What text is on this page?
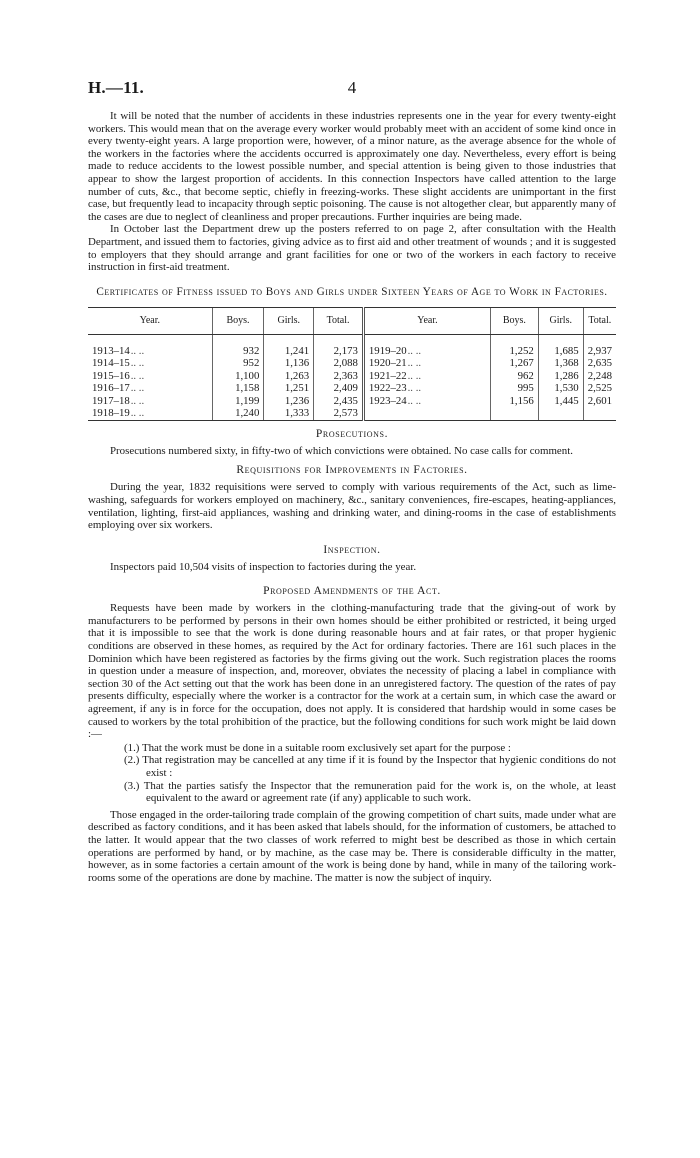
H.—11.	4

It will be noted that the number of accidents in these industries represents one in the year for every twenty-eight workers. This would mean that on the average every worker would probably meet with an accident of some kind once in every twenty-eight years. A large proportion were, however, of a minor nature, as the average absence for the whole of the workers in the factories where the accidents occurred is approximately one day. Nevertheless, every effort is being made to reduce accidents to the lowest possible number, and special attention is being given to those industries that appear to show the largest proportion of accidents. In this connection Inspectors have called attention to the large number of cuts, &c., that become septic, chiefly in freezing-works. These slight accidents are unimportant in the first case, but frequently lead to incapacity through septic poisoning. The cause is not altogether clear, but apparently many of the cases are due to neglect of cleanliness and proper precautions. Further inquiries are being made.

In October last the Department drew up the posters referred to on page 2, after consultation with the Health Department, and issued them to factories, giving advice as to first aid and other treatment of wounds ; and it is suggested to employers that they should arrange and grant facilities for one or two of the workers in each factory to receive instruction in first-aid treatment.

Certificates of Fitness issued to Boys and Girls under Sixteen Years of Age to Work in Factories.
Year.	Boys.	Girls.	Total.	Year.	Boys.	Girls.	Total.

1913–14 .. ..	932	1,241	2,173	1919–20 .. ..	1,252	1,685	2,937
1914–15 .. ..	952	1,136	2,088	1920–21 .. ..	1,267	1,368	2,635
1915–16 .. ..	1,100	1,263	2,363	1921–22 .. ..	962	1,286	2,248
1916–17 .. ..	1,158	1,251	2,409	1922–23 .. ..	995	1,530	2,525
1917–18 .. ..	1,199	1,236	2,435	1923–24 .. ..	1,156	1,445	2,601
1918–19 .. ..	1,240	1,333	2,573				
Prosecutions.

Prosecutions numbered sixty, in fifty-two of which convictions were obtained. No case calls for comment.

Requisitions for Improvements in Factories.

During the year, 1832 requisitions were served to comply with various requirements of the Act, such as lime-washing, safeguards for workers employed on machinery, &c., sanitary conveniences, fire-escapes, heating-appliances, ventilation, lighting, first-aid appliances, washing and drinking water, and dining-rooms in the case of establishments employing over six workers.

Inspection.

Inspectors paid 10,504 visits of inspection to factories during the year.

Proposed Amendments of the Act.

Requests have been made by workers in the clothing-manufacturing trade that the giving-out of work by manufacturers to be performed by persons in their own homes should be either prohibited or restricted, it being urged that it is impossible to see that the work is done during reasonable hours and at fair rates, or that proper hygienic conditions are observed in these homes, as required by the Act for ordinary factories. There are 161 such places in the Dominion which have been registered as factories by the firms giving out the work. Such registration places the rooms in question under a measure of inspection, and, moreover, obviates the necessity of placing a label in compliance with section 30 of the Act setting out that the work has been done in an unregistered factory. The question of the rates of pay presents difficulty, especially where the worker is a contractor for the work at a certain sum, in which case the award or agreement, if any is in force for the occupation, does not apply. It is considered that hardship would in some cases be caused to workers by the total prohibition of the practice, but the following conditions for such work might be laid down :—

(1.) That the work must be done in a suitable room exclusively set apart for the purpose :
(2.) That registration may be cancelled at any time if it is found by the Inspector that hygienic conditions do not exist :
(3.) That the parties satisfy the Inspector that the remuneration paid for the work is, on the whole, at least equivalent to the award or agreement rate (if any) applicable to such work.

Those engaged in the order-tailoring trade complain of the growing competition of chart suits, made under what are described as factory conditions, and it has been asked that labels should, for the information of customers, be attached to the latter. It would appear that the two classes of work referred to might best be described as those in which certain operations are performed by hand, or by machine, as the case may be. There is considerable difficulty in the matter, however, as in some factories a certain amount of the work is being done by hand, while in many of the tailoring work-rooms some of the operations are done by machine. The matter is now the subject of inquiry.
